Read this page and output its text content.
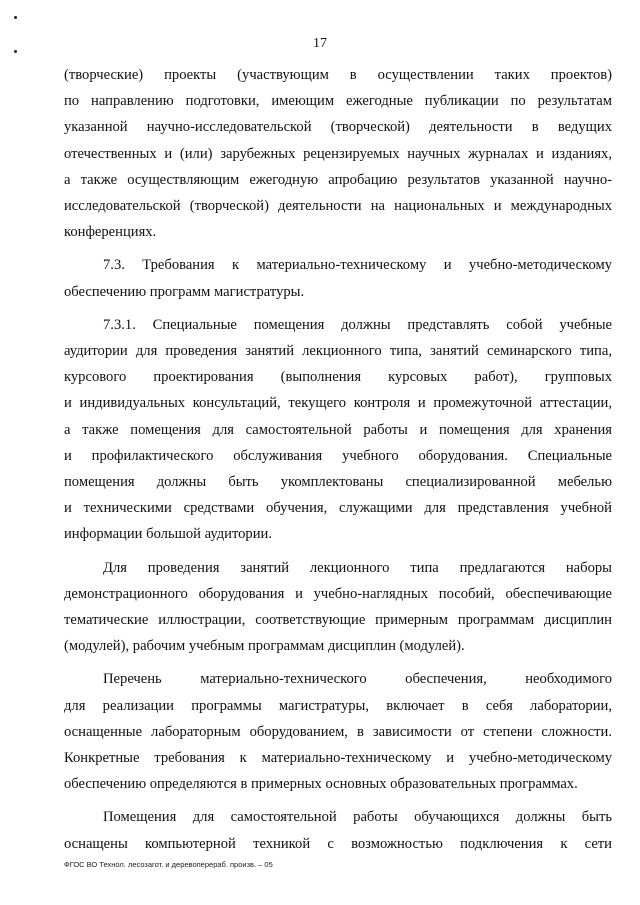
17

(творческие) проекты (участвующим в осуществлении таких проектов)
по направлению подготовки, имеющим ежегодные публикации по результатам
указанной научно-исследовательской (творческой) деятельности в ведущих
отечественных и (или) зарубежных рецензируемых научных журналах и изданиях,
а также осуществляющим ежегодную апробацию результатов указанной научно-
исследовательской (творческой) деятельности на национальных и международных
конференциях.

7.3. Требования к материально-техническому и учебно-методическому
обеспечению программ магистратуры.

7.3.1. Специальные помещения должны представлять собой учебные
аудитории для проведения занятий лекционного типа, занятий семинарского типа,
курсового проектирования (выполнения курсовых работ), групповых
и индивидуальных консультаций, текущего контроля и промежуточной аттестации,
а также помещения для самостоятельной работы и помещения для хранения
и профилактического обслуживания учебного оборудования. Специальные
помещения должны быть укомплектованы специализированной мебелью
и техническими средствами обучения, служащими для представления учебной
информации большой аудитории.

Для проведения занятий лекционного типа предлагаются наборы
демонстрационного оборудования и учебно-наглядных пособий, обеспечивающие
тематические иллюстрации, соответствующие примерным программам дисциплин
(модулей), рабочим учебным программам дисциплин (модулей).

Перечень материально-технического обеспечения, необходимого
для реализации программы магистратуры, включает в себя лаборатории,
оснащенные лабораторным оборудованием, в зависимости от степени сложности.
Конкретные требования к материально-техническому и учебно-методическому
обеспечению определяются в примерных основных образовательных программах.

Помещения для самостоятельной работы обучающихся должны быть
оснащены компьютерной техникой с возможностью подключения к сети

ФГОС ВО Технол. лесозагот. и деревоперераб. произв. – 05
